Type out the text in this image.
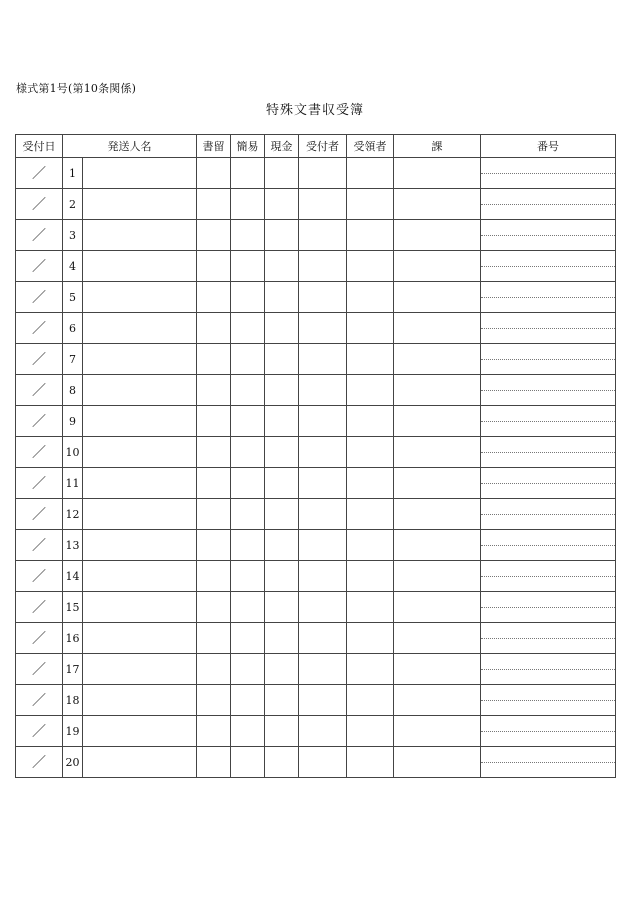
様式第1号(第10条関係)
特殊文書収受簿
受付日	発送人名		書留	簡易	現金	受付者	受領者	課	番号
／	1								

／	2								

／	3								

／	4								

／	5								

／	6								

／	7								

／	8								

／	9								

／	10								

／	11								

／	12								

／	13								

／	14								

／	15								

／	16								

／	17								

／	18								

／	19								

／	20								
